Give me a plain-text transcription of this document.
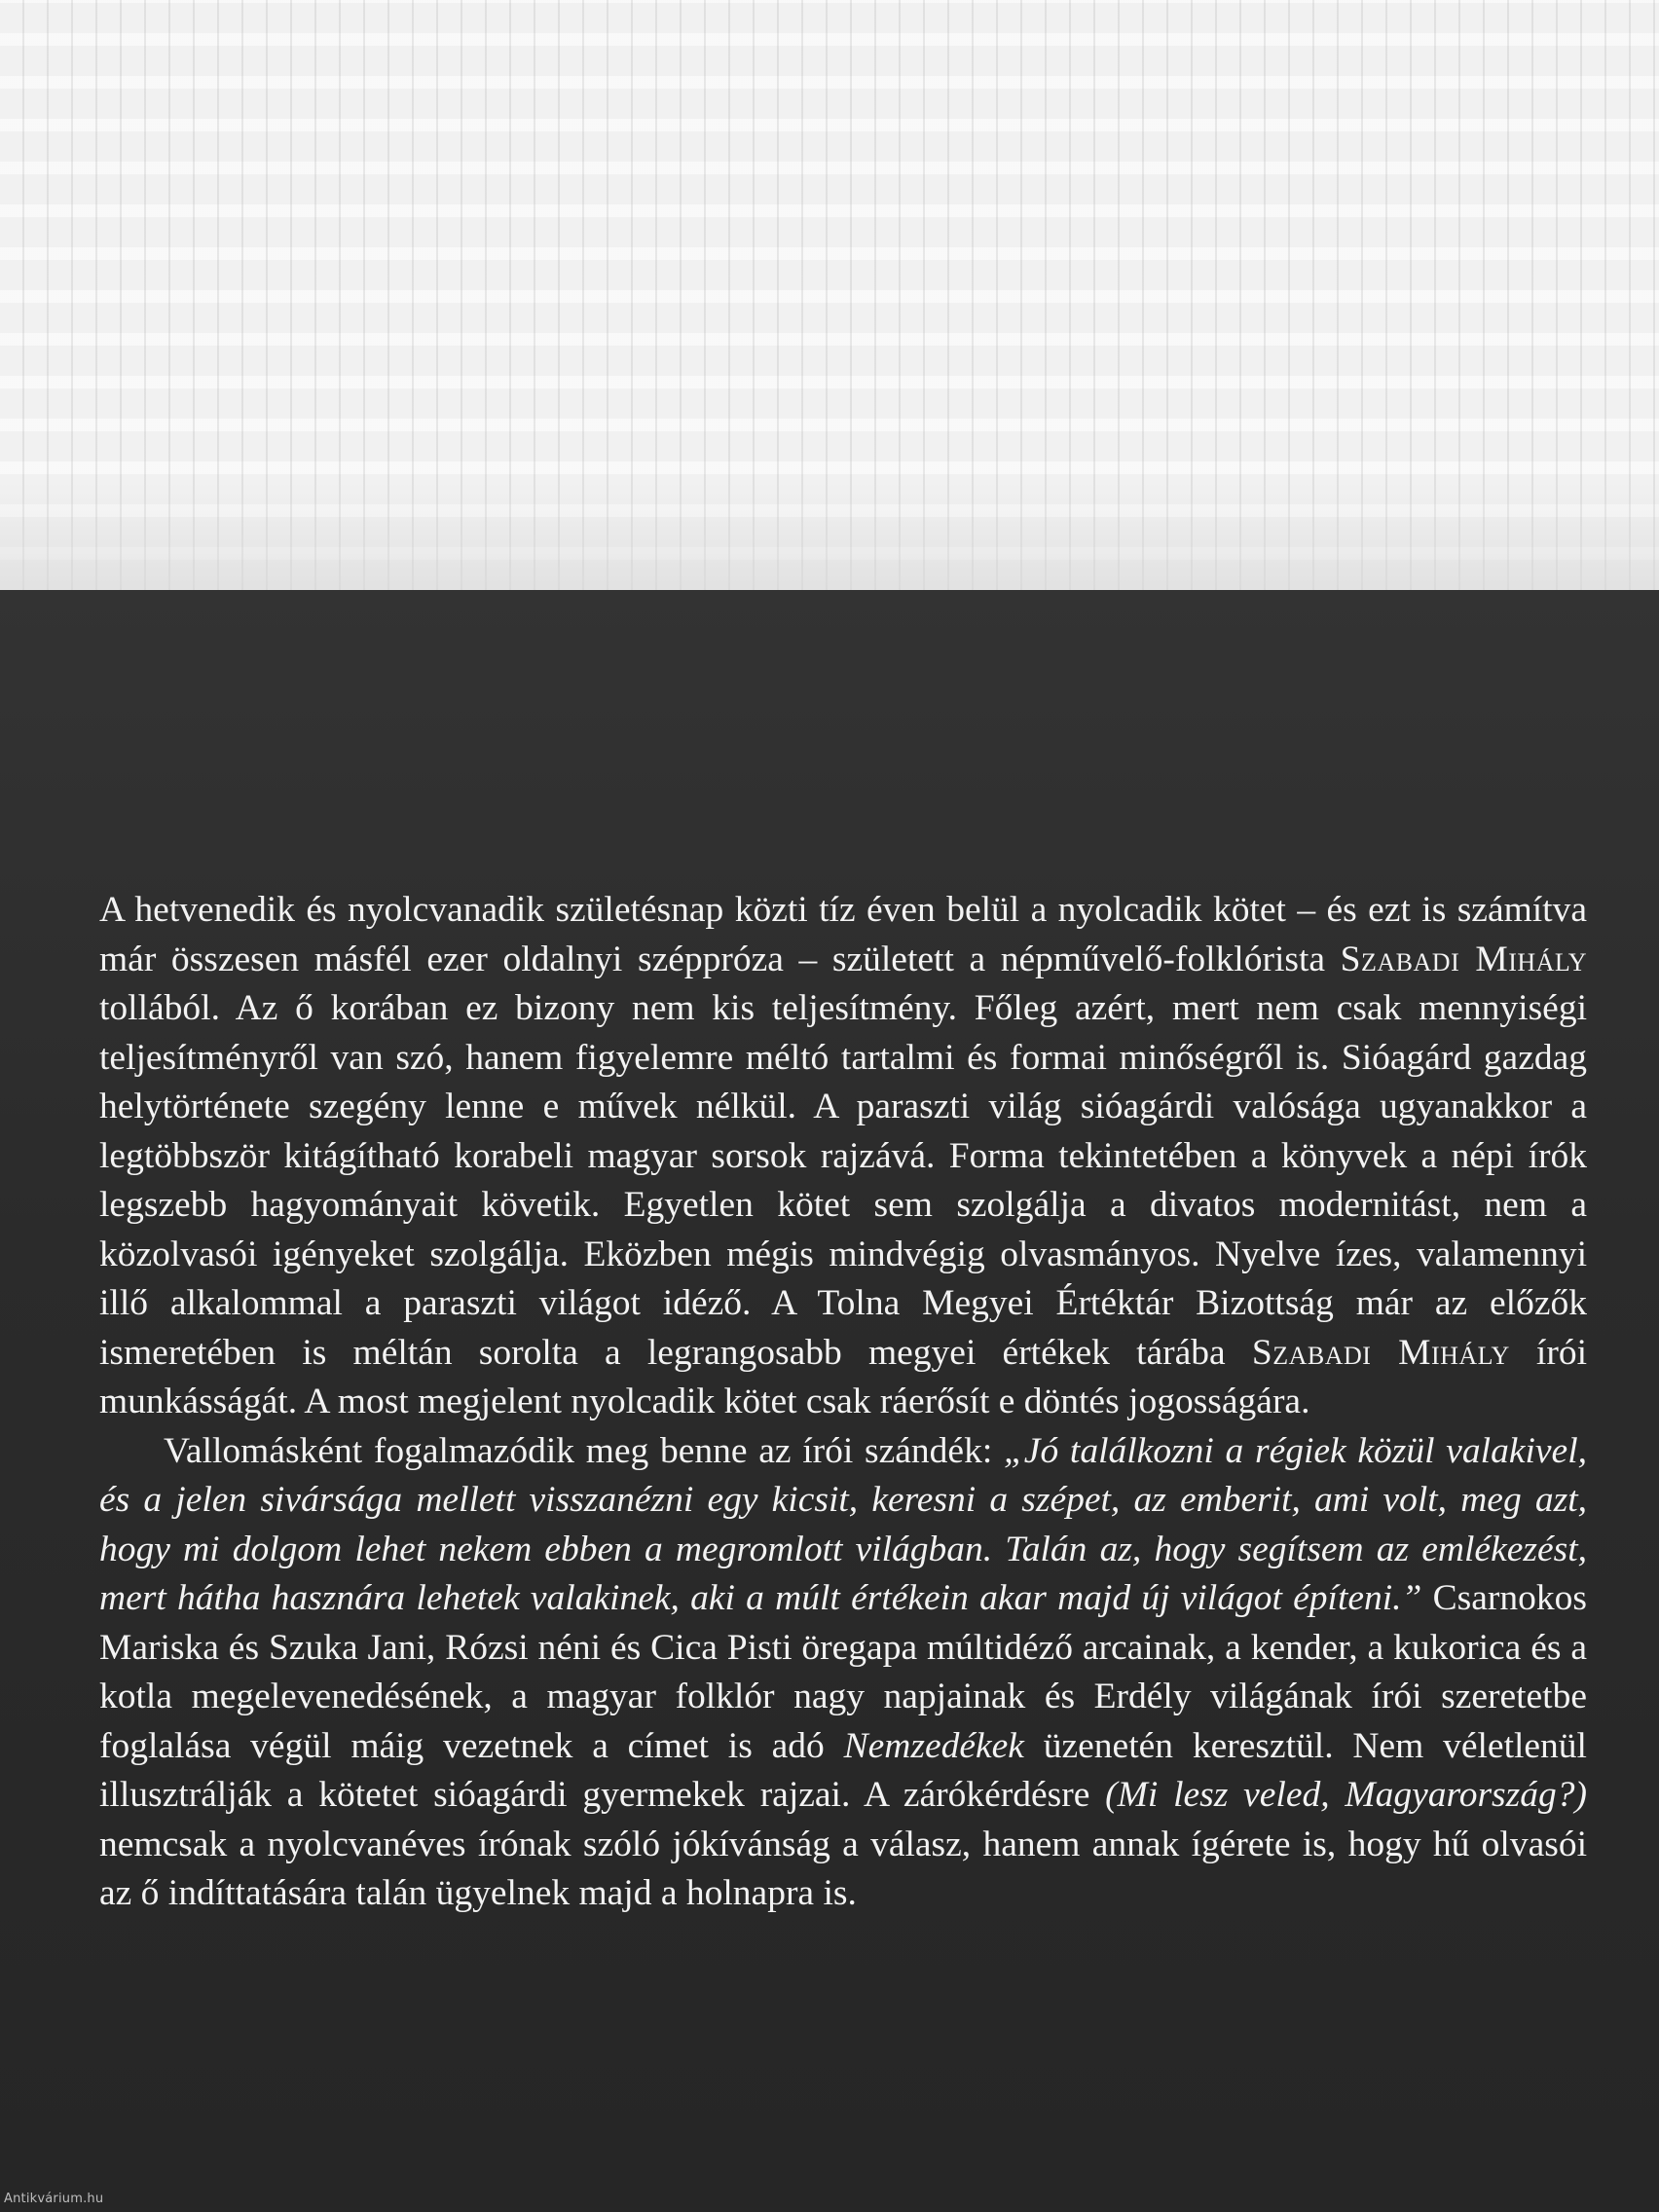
A hetvenedik és nyolcvanadik születésnap közti tíz éven belül a nyolcadik kötet – és ezt is számítva már összesen másfél ezer oldalnyi széppróza – született a népművelő-folklórista Szabadi Mihály tollából. Az ő korában ez bizony nem kis teljesítmény. Főleg azért, mert nem csak mennyiségi teljesítményről van szó, hanem figyelemre méltó tartalmi és formai minőségről is. Sióagárd gazdag helytörténete szegény lenne e művek nélkül. A paraszti világ sióagárdi valósága ugyanakkor a legtöbbször kitágítható korabeli magyar sorsok rajzává. Forma tekintetében a könyvek a népi írók legszebb hagyományait követik. Egyetlen kötet sem szolgálja a divatos modernitást, nem a közolvasói igényeket szolgálja. Eközben mégis mindvégig olvasmányos. Nyelve ízes, valamennyi illő alkalommal a paraszti világot idéző. A Tolna Megyei Értéktár Bizottság már az előzők ismeretében is méltán sorolta a legrangosabb megyei értékek tárába Szabadi Mihály írói munkásságát. A most megjelent nyolcadik kötet csak ráerősít e döntés jogosságára.

Vallomásként fogalmazódik meg benne az írói szándék: „Jó találkozni a régiek közül valakivel, és a jelen sivársága mellett visszanézni egy kicsit, keresni a szépet, az emberit, ami volt, meg azt, hogy mi dolgom lehet nekem ebben a megromlott világban. Talán az, hogy segítsem az emlékezést, mert hátha hasznára lehetek valakinek, aki a múlt értékein akar majd új világot építeni.” Csarnokos Mariska és Szuka Jani, Rózsi néni és Cica Pisti öregapa múltidéző arcainak, a kender, a kukorica és a kotla megelevenedésének, a magyar folklór nagy napjainak és Erdély világának írói szeretetbe foglalása végül máig vezetnek a címet is adó Nemzedékek üzenetén keresztül. Nem véletlenül illusztrálják a kötetet sióagárdi gyermekek rajzai. A zárókérdésre (Mi lesz veled, Magyarország?) nemcsak a nyolcvanéves írónak szóló jókívánság a válasz, hanem annak ígérete is, hogy hű olvasói az ő indíttatására talán ügyelnek majd a holnapra is.

Antikvárium.hu
